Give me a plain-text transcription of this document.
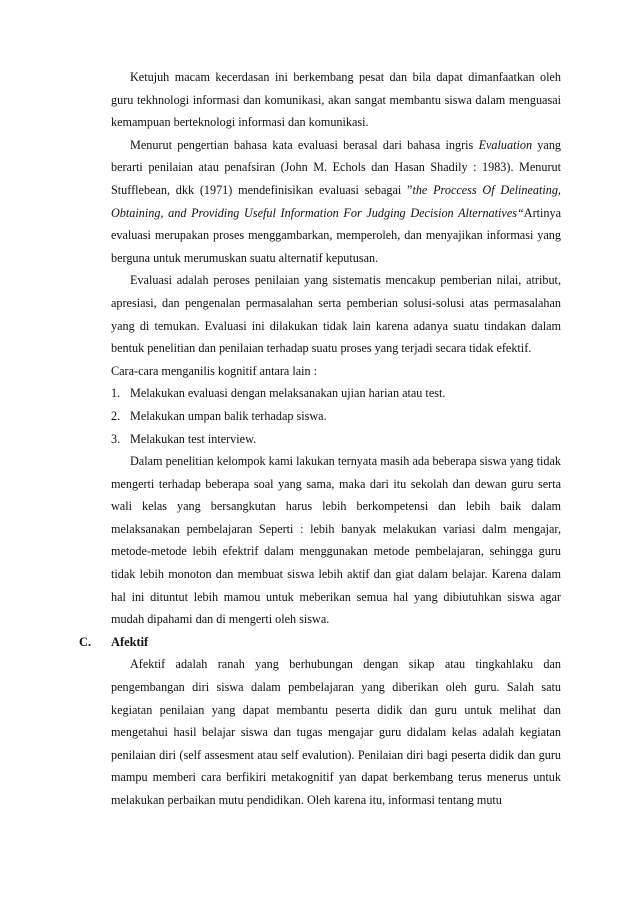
Ketujuh macam kecerdasan ini berkembang pesat dan bila dapat dimanfaatkan oleh guru tekhnologi informasi dan komunikasi, akan sangat membantu siswa dalam menguasai kemampuan berteknologi informasi dan komunikasi.

Menurut pengertian bahasa kata evaluasi berasal dari bahasa ingris Evaluation yang berarti penilaian atau penafsiran (John M. Echols dan Hasan Shadily : 1983). Menurut Stufflebean, dkk (1971) mendefinisikan evaluasi sebagai ”the Proccess Of Delineating, Obtaining, and Providing Useful Information For Judging Decision Alternatives“Artinya evaluasi merupakan proses menggambarkan, memperoleh, dan menyajikan informasi yang berguna untuk merumuskan suatu alternatif keputusan.

Evaluasi adalah peroses penilaian yang sistematis mencakup pemberian nilai, atribut, apresiasi, dan pengenalan permasalahan serta pemberian solusi-solusi atas permasalahan yang di temukan. Evaluasi ini dilakukan tidak lain karena adanya suatu tindakan dalam bentuk penelitian dan penilaian terhadap suatu proses yang terjadi secara tidak efektif.

Cara-cara menganilis kognitif antara lain :

1. Melakukan evaluasi dengan melaksanakan ujian harian atau test.
2. Melakukan umpan balik terhadap siswa.
3. Melakukan test interview.

Dalam penelitian kelompok kami lakukan ternyata masih ada beberapa siswa yang tidak mengerti terhadap beberapa soal yang sama, maka dari itu sekolah dan dewan guru serta wali kelas yang bersangkutan harus lebih berkompetensi dan lebih baik dalam melaksanakan pembelajaran Seperti : lebih banyak melakukan variasi dalm mengajar, metode-metode lebih efektrif dalam menggunakan metode pembelajaran, sehingga guru tidak lebih monoton dan membuat siswa lebih aktif dan giat dalam belajar. Karena dalam hal ini dituntut lebih mamou untuk meberikan semua hal yang dibiutuhkan siswa agar mudah dipahami dan di mengerti oleh siswa.

C. Afektif

Afektif adalah ranah yang berhubungan dengan sikap atau tingkahlaku dan pengembangan diri siswa dalam pembelajaran yang diberikan oleh guru. Salah satu kegiatan penilaian yang dapat membantu peserta didik dan guru untuk melihat dan mengetahui hasil belajar siswa dan tugas mengajar guru didalam kelas adalah kegiatan penilaian diri (self assesment atau self evalution). Penilaian diri bagi peserta didik dan guru mampu memberi cara berfikiri metakognitif yan dapat berkembang terus menerus untuk melakukan perbaikan mutu pendidikan. Oleh karena itu, informasi tentang mutu
